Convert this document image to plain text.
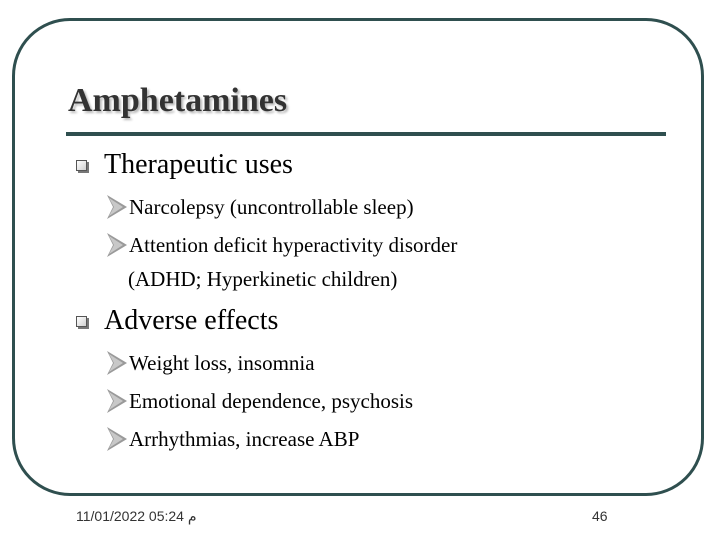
Amphetamines
Therapeutic uses
Narcolepsy (uncontrollable sleep)
Attention deficit hyperactivity disorder
(ADHD; Hyperkinetic children)
Adverse effects
Weight loss, insomnia
Emotional dependence, psychosis
Arrhythmias, increase ABP
م 05:24 11/01/2022	46
